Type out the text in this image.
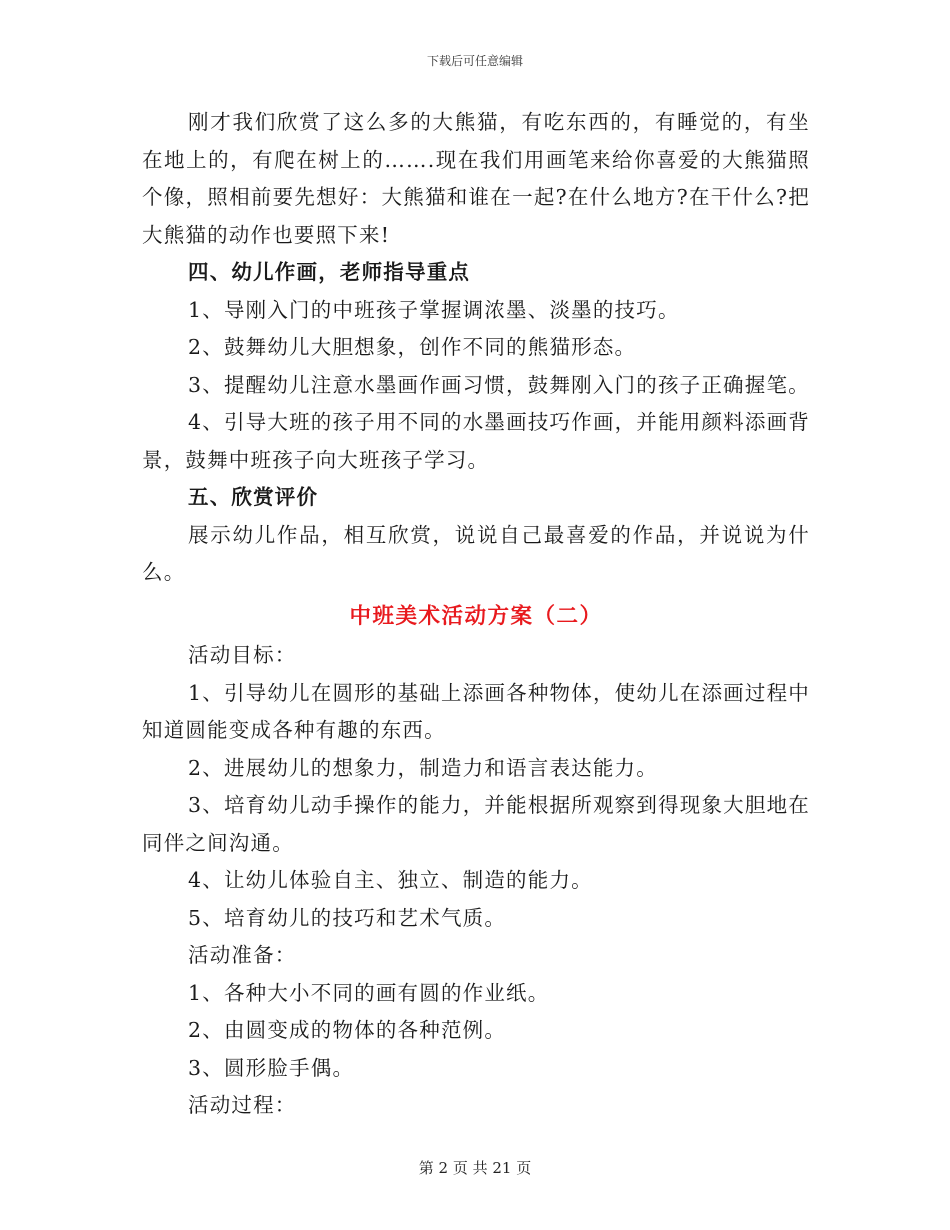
下载后可任意编辑

刚才我们欣赏了这么多的大熊猫，有吃东西的，有睡觉的，有坐在地上的，有爬在树上的…….现在我们用画笔来给你喜爱的大熊猫照个像，照相前要先想好：大熊猫和谁在一起?在什么地方?在干什么?把大熊猫的动作也要照下来!

四、幼儿作画，老师指导重点

1、导刚入门的中班孩子掌握调浓墨、淡墨的技巧。

2、鼓舞幼儿大胆想象，创作不同的熊猫形态。

3、提醒幼儿注意水墨画作画习惯，鼓舞刚入门的孩子正确握笔。

4、引导大班的孩子用不同的水墨画技巧作画，并能用颜料添画背景，鼓舞中班孩子向大班孩子学习。

五、欣赏评价

展示幼儿作品，相互欣赏，说说自己最喜爱的作品，并说说为什么。

中班美术活动方案（二）

活动目标：

1、引导幼儿在圆形的基础上添画各种物体，使幼儿在添画过程中知道圆能变成各种有趣的东西。

2、进展幼儿的想象力，制造力和语言表达能力。

3、培育幼儿动手操作的能力，并能根据所观察到得现象大胆地在同伴之间沟通。

4、让幼儿体验自主、独立、制造的能力。

5、培育幼儿的技巧和艺术气质。

活动准备：

1、各种大小不同的画有圆的作业纸。

2、由圆变成的物体的各种范例。

3、圆形脸手偶。

活动过程：

第 2 页 共 21 页
